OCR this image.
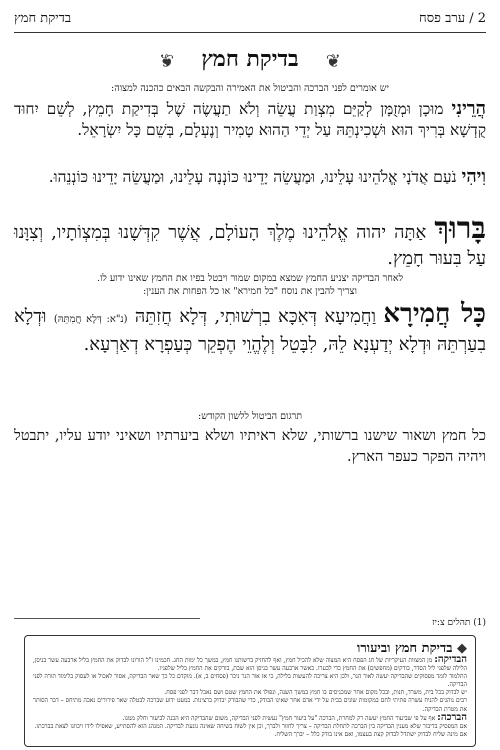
2 / ערב פסח
בדיקת חמץ
❦ בדיקת חמץ ❦
יש אומרים לפני הברכה והביטול את האמירה והבקשה הבאים כהכנה למצוה:
הֲרֵינִי מוּכָן וּמְזֻמָּן לְקַיֵּם מִצְוַת עֲשֵׂה וְלֹא תַעֲשֶׂה שֶׁל בְּדִיקַת חָמֵץ, לְשֵׁם יִחוּד קֻדְשָׁא בְּרִיךְ הוּא וּשְׁכִינְתֵּהּ עַל יְדֵי הַהוּא טָמִיר וְנֶעְלָם, בְּשֵׁם כָּל יִשְׂרָאֵל.
וִיהִי נֹעַם אֲדֹנָי אֱלֹהֵינוּ עָלֵינוּ, וּמַעֲשֵׂה יָדֵינוּ כּוֹנְנָה עָלֵינוּ, וּמַעֲשֵׂה יָדֵינוּ כּוֹנְנֵהוּ.
בָּרוּךְ אַתָּה יהוה אֱלֹהֵינוּ מֶלֶךְ הָעוֹלָם, אֲשֶׁר קִדְּשָׁנוּ בְּמִצְוֹתָיו, וְצִוָּנוּ עַל בִּעוּר חָמֵץ.
לאחר הבדיקה יצניע החמץ שמצא במקום שמור ויבטל בפיו את החמץ שאינו ידוע לו.
וצריך להבין את נוסח "כל חמירא" או כל הפחות את הענין:
כָּל חֲמִירָא וַחֲמִיעָא דְּאִכָּא בִרְשׁוּתִי, דְּלָא חֲזִתֵּהּ (נ"א: דְּלָא חֲמִתֵּהּ) וּדְלָא בִעַרְתֵּהּ וּדְלָא יְדַעְנָא לֵהּ, לִבָּטֵל וְלֶהֱוֵי הֶפְקֵר כְּעַפְרָא דְאַרְעָא.
תרגום הביטול ללשון הקודש:
כל חמץ ושאור שישנו ברשותי, שלא ראיתיו ושלא ביערתיו ושאיני יודע עליו, יתבטל ויהיה הפקר כעפר הארץ.
(1) תהלים צ:יז
◆ בדיקת חמץ וביעורו

הבדיקה: מן המצוות העיקריות של חג הפסח היא המצוה שלא להכיל חמץ, ואף להחזיק ברשותנו חמץ, במשך כל ימות החג. חכמינו ז"ל הורונו לבדוק את החמץ בליל ארבעה עשר בניסן, הלילה שלפני ליל הסדר, בודקים (מחפשים) את החמץ כדי לבערו. כאשר ארבעה עשר בניסן הוא שבת, בודקים את החמץ בליל שלפניו.

התלמוד לומד מפסוקים שהבדיקה יעשה לאור הנר, ולכן היא צריכה להעשות בלילה, כי אז אור הנר ניכר (פסחים ב, א). מוקדם כל כך שאר הבדיקה, אסור לאכול או לעסוק בלימוד תורה לפני הבדיקה.

יש לבדוק בכל בית, משרד, חנות, ובכל מקום אחר שמכניסים בו חמץ במשך השנה, ונפולו את החמץ שטם ושם נאכל דבר לפני פסח.

רבים נוהגים להניח עשרה פתיתי לחם במקומות שונים בבית על ידי אדם אחר שאינו הבודק, כדי שהבודק יבדוק ברצינות. כמעט ידוע שברכה לבטלה שאר פירורים נאכה מתיחס – דבר הסותר את מטרת הבדיקה.

הברכה: אף על פי שביעור החמץ יעשה רק למחרת, הברכה "על ביעור חמץ" נעשית לפני הבדיקה, משום שהבדיקה היא הכנה לביעור וחלק ממנו.

אם המפסיק בדיבור שלא מענין הבדיקה בין הברכה לתחלת הבדיקה – צריך לחזור ולברך, וכן אין לשוח בשיחה שאינה נוגעת לבדיקה. המנהג הוא להסתייע, שאפילו לידו ויכוונו לצאת בברכתו.

אם מינה שליח לבדוק ישתדל לבדוק קצת בעצמו, ואם אינו בודק כלל – יברך השליח.
